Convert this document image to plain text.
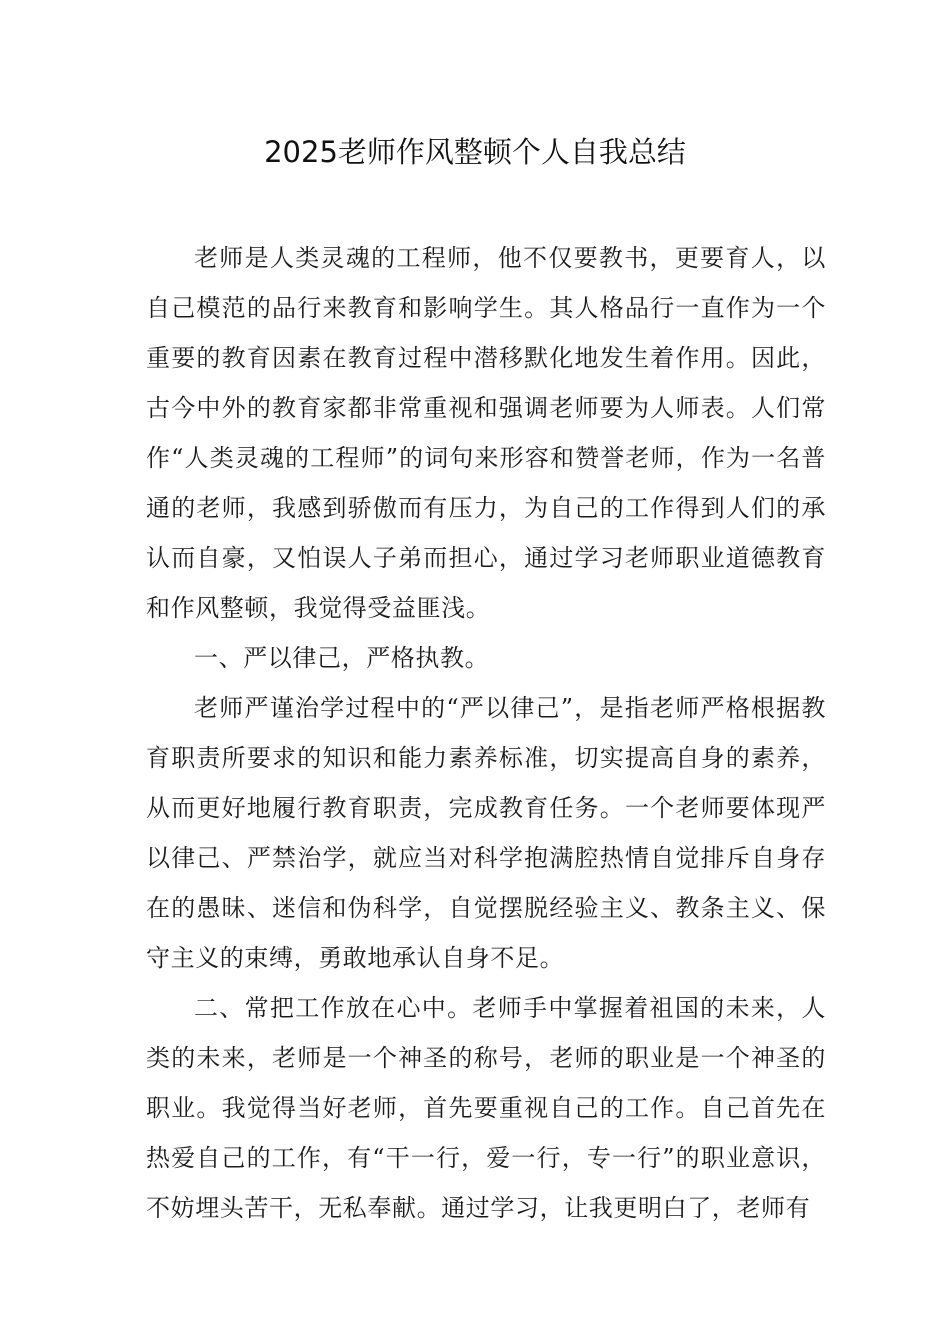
2025老师作风整顿个人自我总结

老师是人类灵魂的工程师，他不仅要教书，更要育人，以自己模范的品行来教育和影响学生。其人格品行一直作为一个重要的教育因素在教育过程中潜移默化地发生着作用。因此，古今中外的教育家都非常重视和强调老师要为人师表。人们常作“人类灵魂的工程师”的词句来形容和赞誉老师，作为一名普通的老师，我感到骄傲而有压力，为自己的工作得到人们的承认而自豪，又怕误人子弟而担心，通过学习老师职业道德教育和作风整顿，我觉得受益匪浅。

一、严以律己，严格执教。

老师严谨治学过程中的“严以律己”，是指老师严格根据教育职责所要求的知识和能力素养标准，切实提高自身的素养，从而更好地履行教育职责，完成教育任务。一个老师要体现严以律己、严禁治学，就应当对科学抱满腔热情自觉排斥自身存在的愚昧、迷信和伪科学，自觉摆脱经验主义、教条主义、保守主义的束缚，勇敢地承认自身不足。

二、常把工作放在心中。老师手中掌握着祖国的未来，人类的未来，老师是一个神圣的称号，老师的职业是一个神圣的职业。我觉得当好老师，首先要重视自己的工作。自己首先在热爱自己的工作，有“干一行，爱一行，专一行”的职业意识，不妨埋头苦干，无私奉献。通过学习，让我更明白了，老师有
